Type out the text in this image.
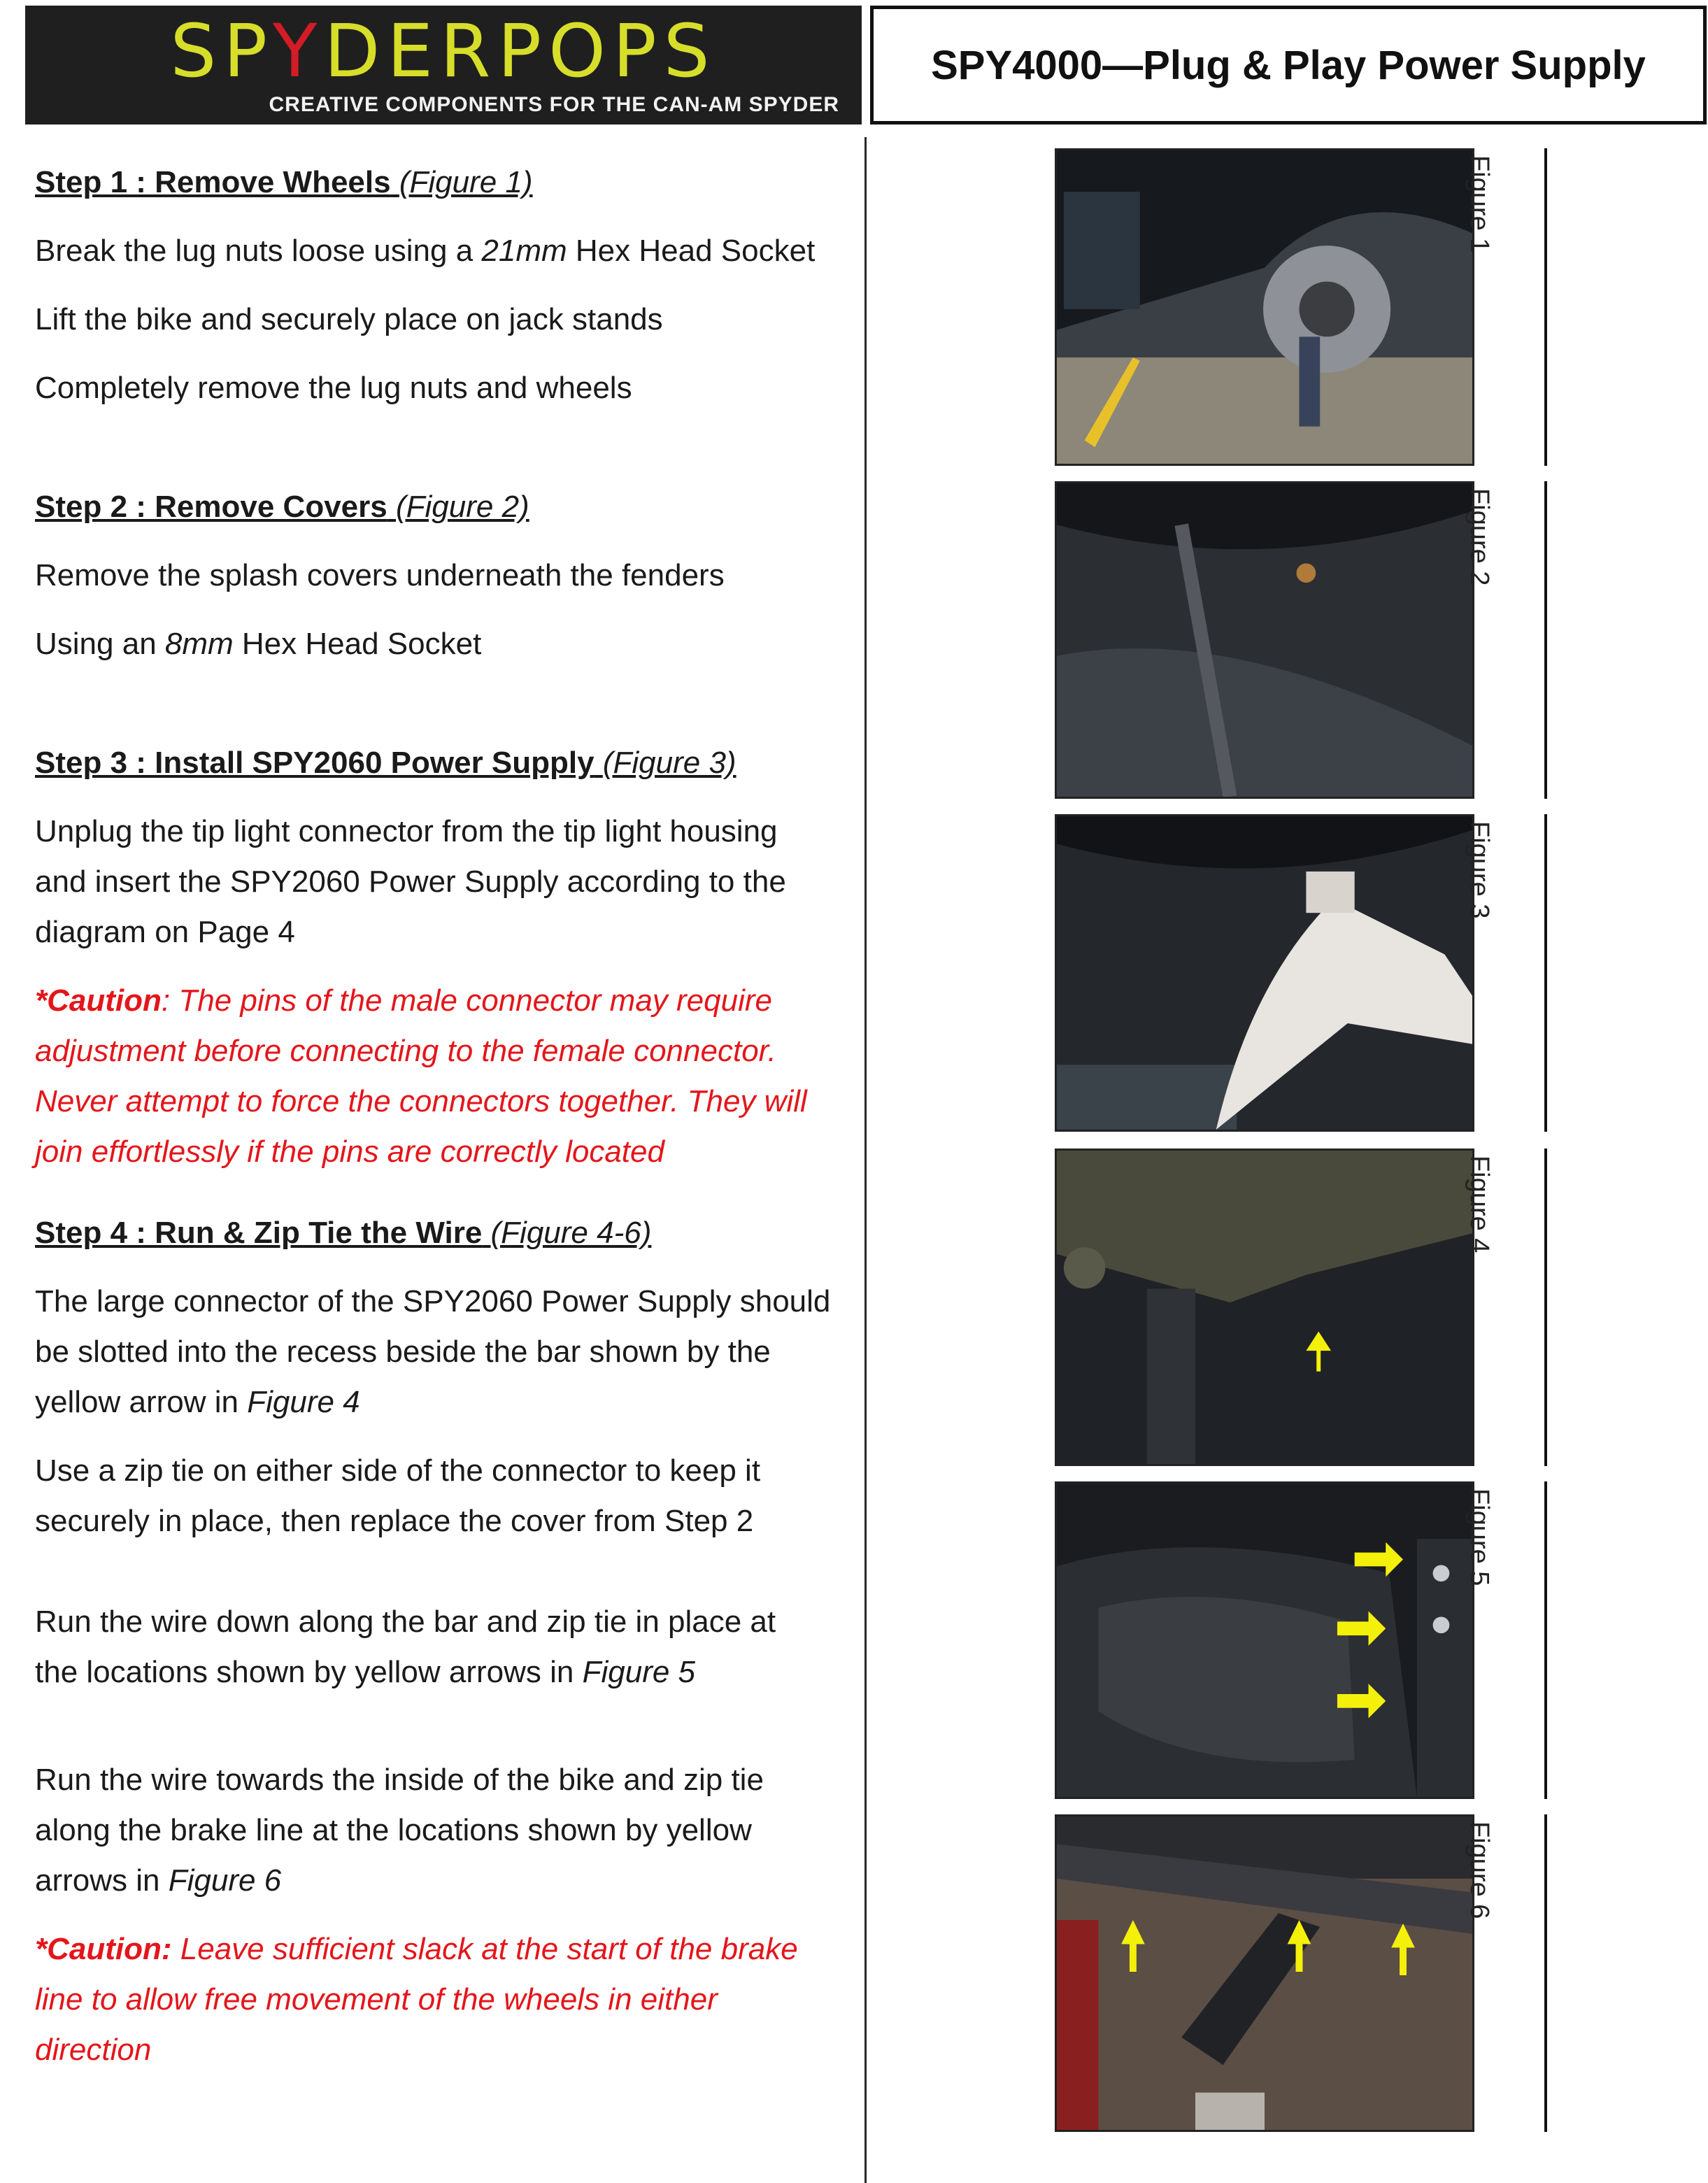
SPYDERPOPS
CREATIVE COMPONENTS FOR THE CAN-AM SPYDER
SPY4000—Plug & Play Power Supply

Step 1 : Remove Wheels (Figure 1)

Break the lug nuts loose using a 21mm Hex Head Socket

Lift the bike and securely place on jack stands

Completely remove the lug nuts and wheels

Step 2 : Remove Covers (Figure 2)

Remove the splash covers underneath the fenders

Using an 8mm Hex Head Socket

Step 3 : Install SPY2060 Power Supply (Figure 3)

Unplug the tip light connector from the tip light housing

and insert the SPY2060 Power Supply according to the

diagram on Page 4

*Caution: The pins of the male connector may require

adjustment before connecting to the female connector.

Never attempt to force the connectors together. They will

join effortlessly if the pins are correctly located

Step 4 : Run & Zip Tie the Wire (Figure 4-6)

The large connector of the SPY2060 Power Supply should

be slotted into the recess beside the bar shown by the

yellow arrow in Figure 4

Use a zip tie on either side of the connector to keep it

securely in place, then replace the cover from Step 2

Run the wire down along the bar and zip tie in place at

the locations shown by yellow arrows in Figure 5

Run the wire towards the inside of the bike and zip tie

along the brake line at the locations shown by yellow

arrows in Figure 6

*Caution: Leave sufficient slack at the start of the brake

line to allow free movement of the wheels in either

direction

Figure 1
Figure 2
Figure 3
Figure 4
Figure 5
Figure 6
